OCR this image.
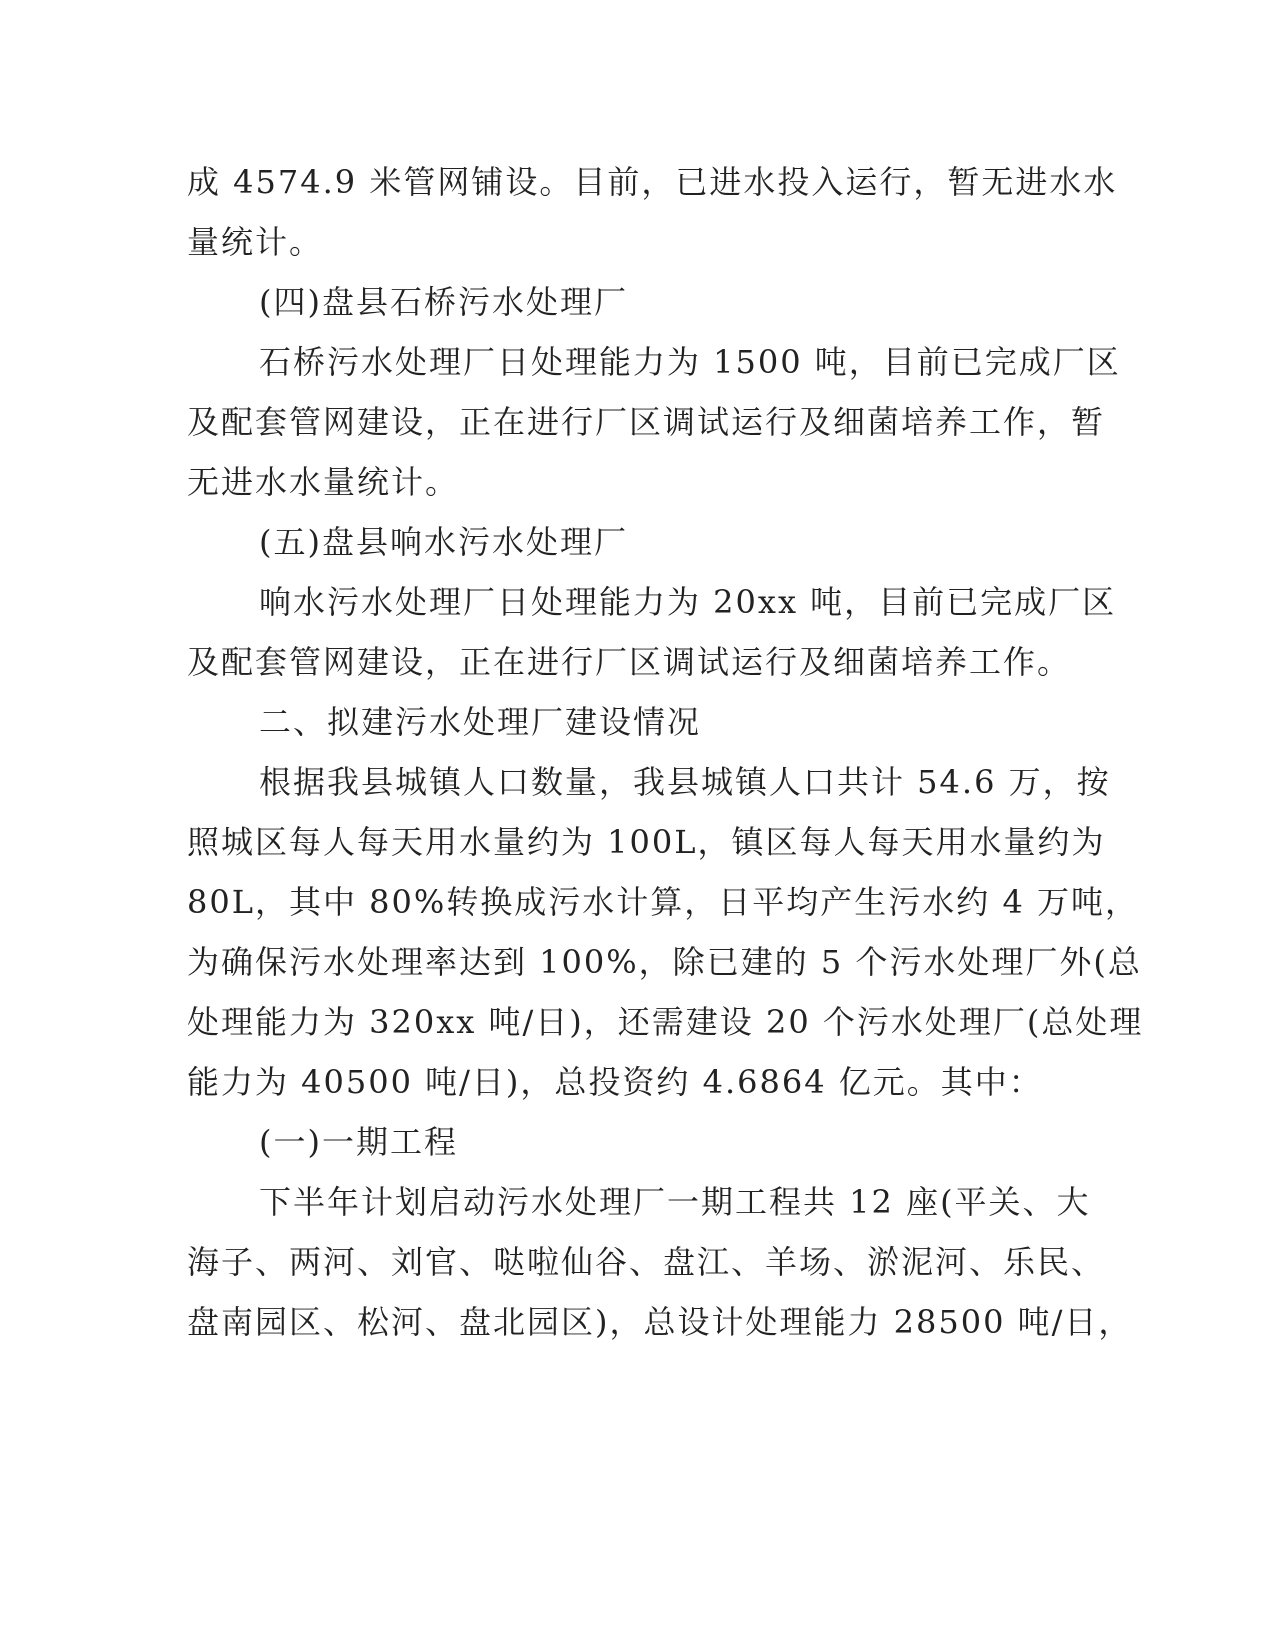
成 4574.9 米管网铺设。目前，已进水投入运行，暂无进水水
量统计。
(四)盘县石桥污水处理厂
石桥污水处理厂日处理能力为 1500 吨，目前已完成厂区
及配套管网建设，正在进行厂区调试运行及细菌培养工作，暂
无进水水量统计。
(五)盘县响水污水处理厂
响水污水处理厂日处理能力为 20xx 吨，目前已完成厂区
及配套管网建设，正在进行厂区调试运行及细菌培养工作。
二、拟建污水处理厂建设情况
根据我县城镇人口数量，我县城镇人口共计 54.6 万，按
照城区每人每天用水量约为 100L，镇区每人每天用水量约为
80L，其中 80%转换成污水计算，日平均产生污水约 4 万吨，
为确保污水处理率达到 100%，除已建的 5 个污水处理厂外(总
处理能力为 320xx 吨/日)，还需建设 20 个污水处理厂(总处理
能力为 40500 吨/日)，总投资约 4.6864 亿元。其中：
(一)一期工程
下半年计划启动污水处理厂一期工程共 12 座(平关、大
海子、两河、刘官、哒啦仙谷、盘江、羊场、淤泥河、乐民、
盘南园区、松河、盘北园区)，总设计处理能力 28500 吨/日，
